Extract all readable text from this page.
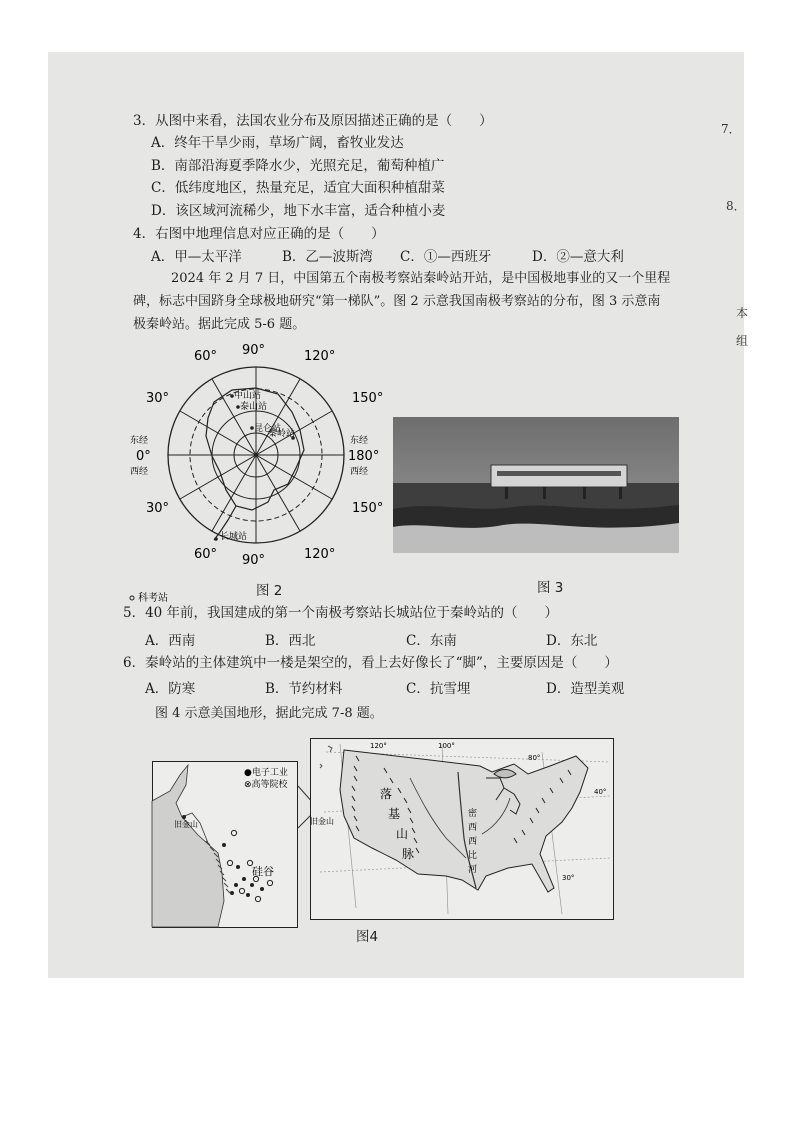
7．
8．
本
组
3．从图中来看，法国农业分布及原因描述正确的是（　　）
A．终年干旱少雨，草场广阔，畜牧业发达
B．南部沿海夏季降水少，光照充足，葡萄种植广
C．低纬度地区，热量充足，适宜大面积种植甜菜
D．该区域河流稀少，地下水丰富，适合种植小麦
4．右图中地理信息对应正确的是（　　）
A．甲—太平洋	B．乙—波斯湾 C．①—西班牙	D．②—意大利
2024 年 2 月 7 日，中国第五个南极考察站秦岭站开站，是中国极地事业的又一个里程
碑，标志中国跻身全球极地研究“第一梯队”。图 2 示意我国南极考察站的分布，图 3 示意南
极秦岭站。据此完成 5-6 题。
60° 90°	120°
30°	150°
东经
0°
西经
东经
180°
西经
30°	150°
60° 90°	120°
中山站
泰山站
昆仑站
秦岭站
长城站
科考站	图 2	图 3
5．40 年前，我国建成的第一个南极考察站长城站位于秦岭站的（　　）
A．西南	B．西北	C．东南	D．东北
6．秦岭站的主体建筑中一楼是架空的，看上去好像长了“脚”，主要原因是（　　）
A．防寒	B．节约材料	C．抗雪埋	D．造型美观
图 4 示意美国地形，据此完成 7-8 题。
●电子工业
⊗高等院校
旧金山
硅谷
120°	100°
80°
40°
30°
旧金山
落
基
山
脉
密
西
西
比
河
图4
